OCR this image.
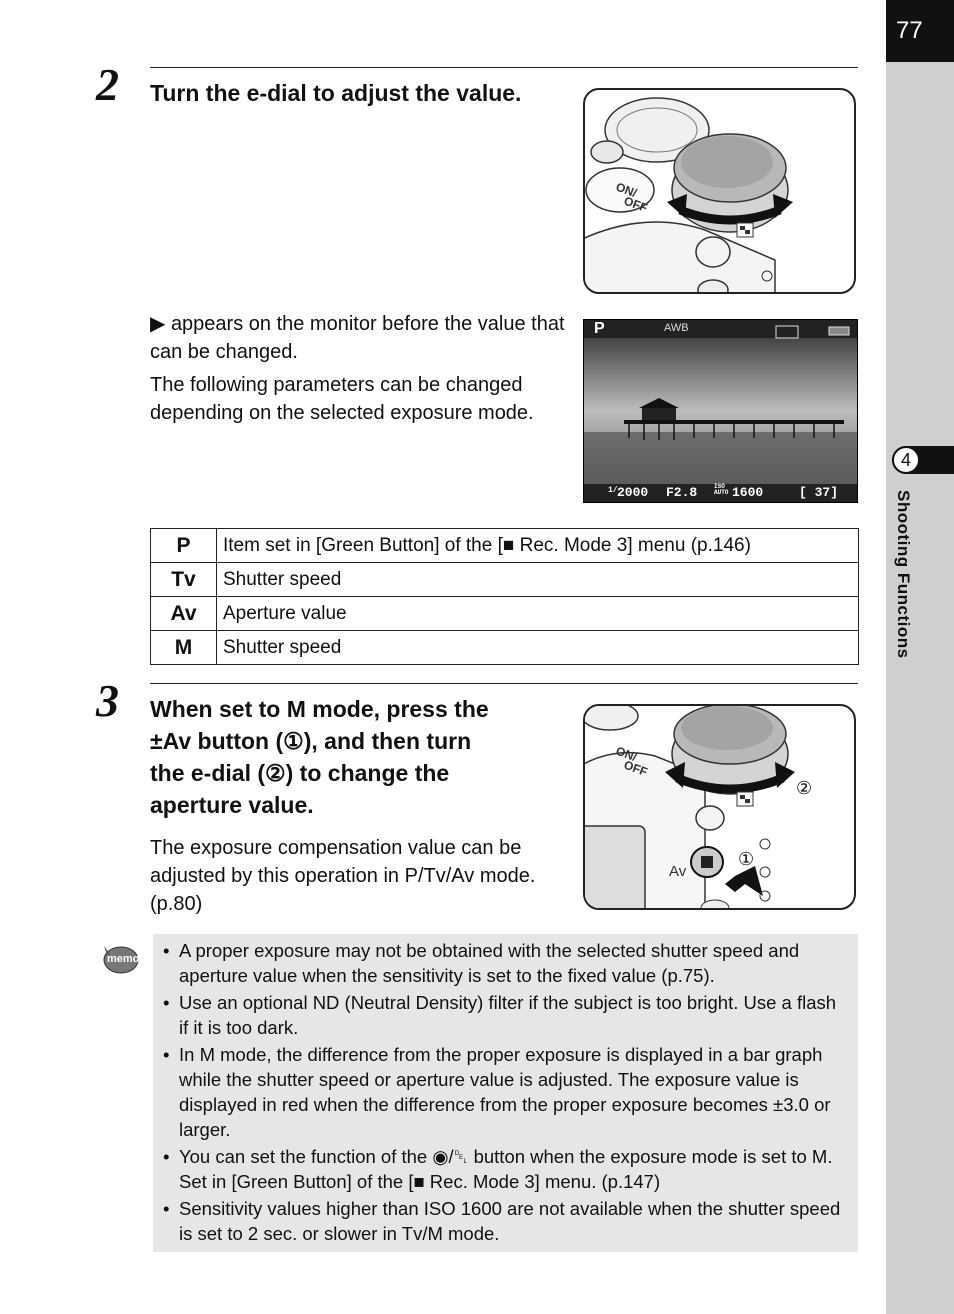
77
4
Shooting Functions
2 Turn the e-dial to adjust the value.

▶ appears on the monitor before the value that can be changed.

The following parameters can be changed depending on the selected exposure mode.

ON/
OFF
P	AWB
1/ 2000 F2.8	ISO AUTO 1600	[ 37]
P	Item set in [Green Button] of the [■ Rec. Mode 3] menu (p.146)
Tv	Shutter speed
Av	Aperture value
M	Shutter speed
3 When set to M mode, press the
±Av button (①), and then turn
the e-dial (②) to change the
aperture value.
The exposure compensation value can be adjusted by this operation in P/Tv/Av mode. (p.80)
ON/
OFF
②
①
Av
memo • A proper exposure may not be obtained with the selected shutter speed and aperture value when the sensitivity is set to the fixed value (p.75).
• Use an optional ND (Neutral Density) filter if the subject is too bright. Use a flash if it is too dark.
• In M mode, the difference from the proper exposure is displayed in a bar graph while the shutter speed or aperture value is adjusted. The exposure value is displayed in red when the difference from the proper exposure becomes ±3.0 or larger.
• You can set the function of the ◉/␡ button when the exposure mode is set to M. Set in [Green Button] of the [■ Rec. Mode 3] menu. (p.147)
• Sensitivity values higher than ISO 1600 are not available when the shutter speed is set to 2 sec. or slower in Tv/M mode.
